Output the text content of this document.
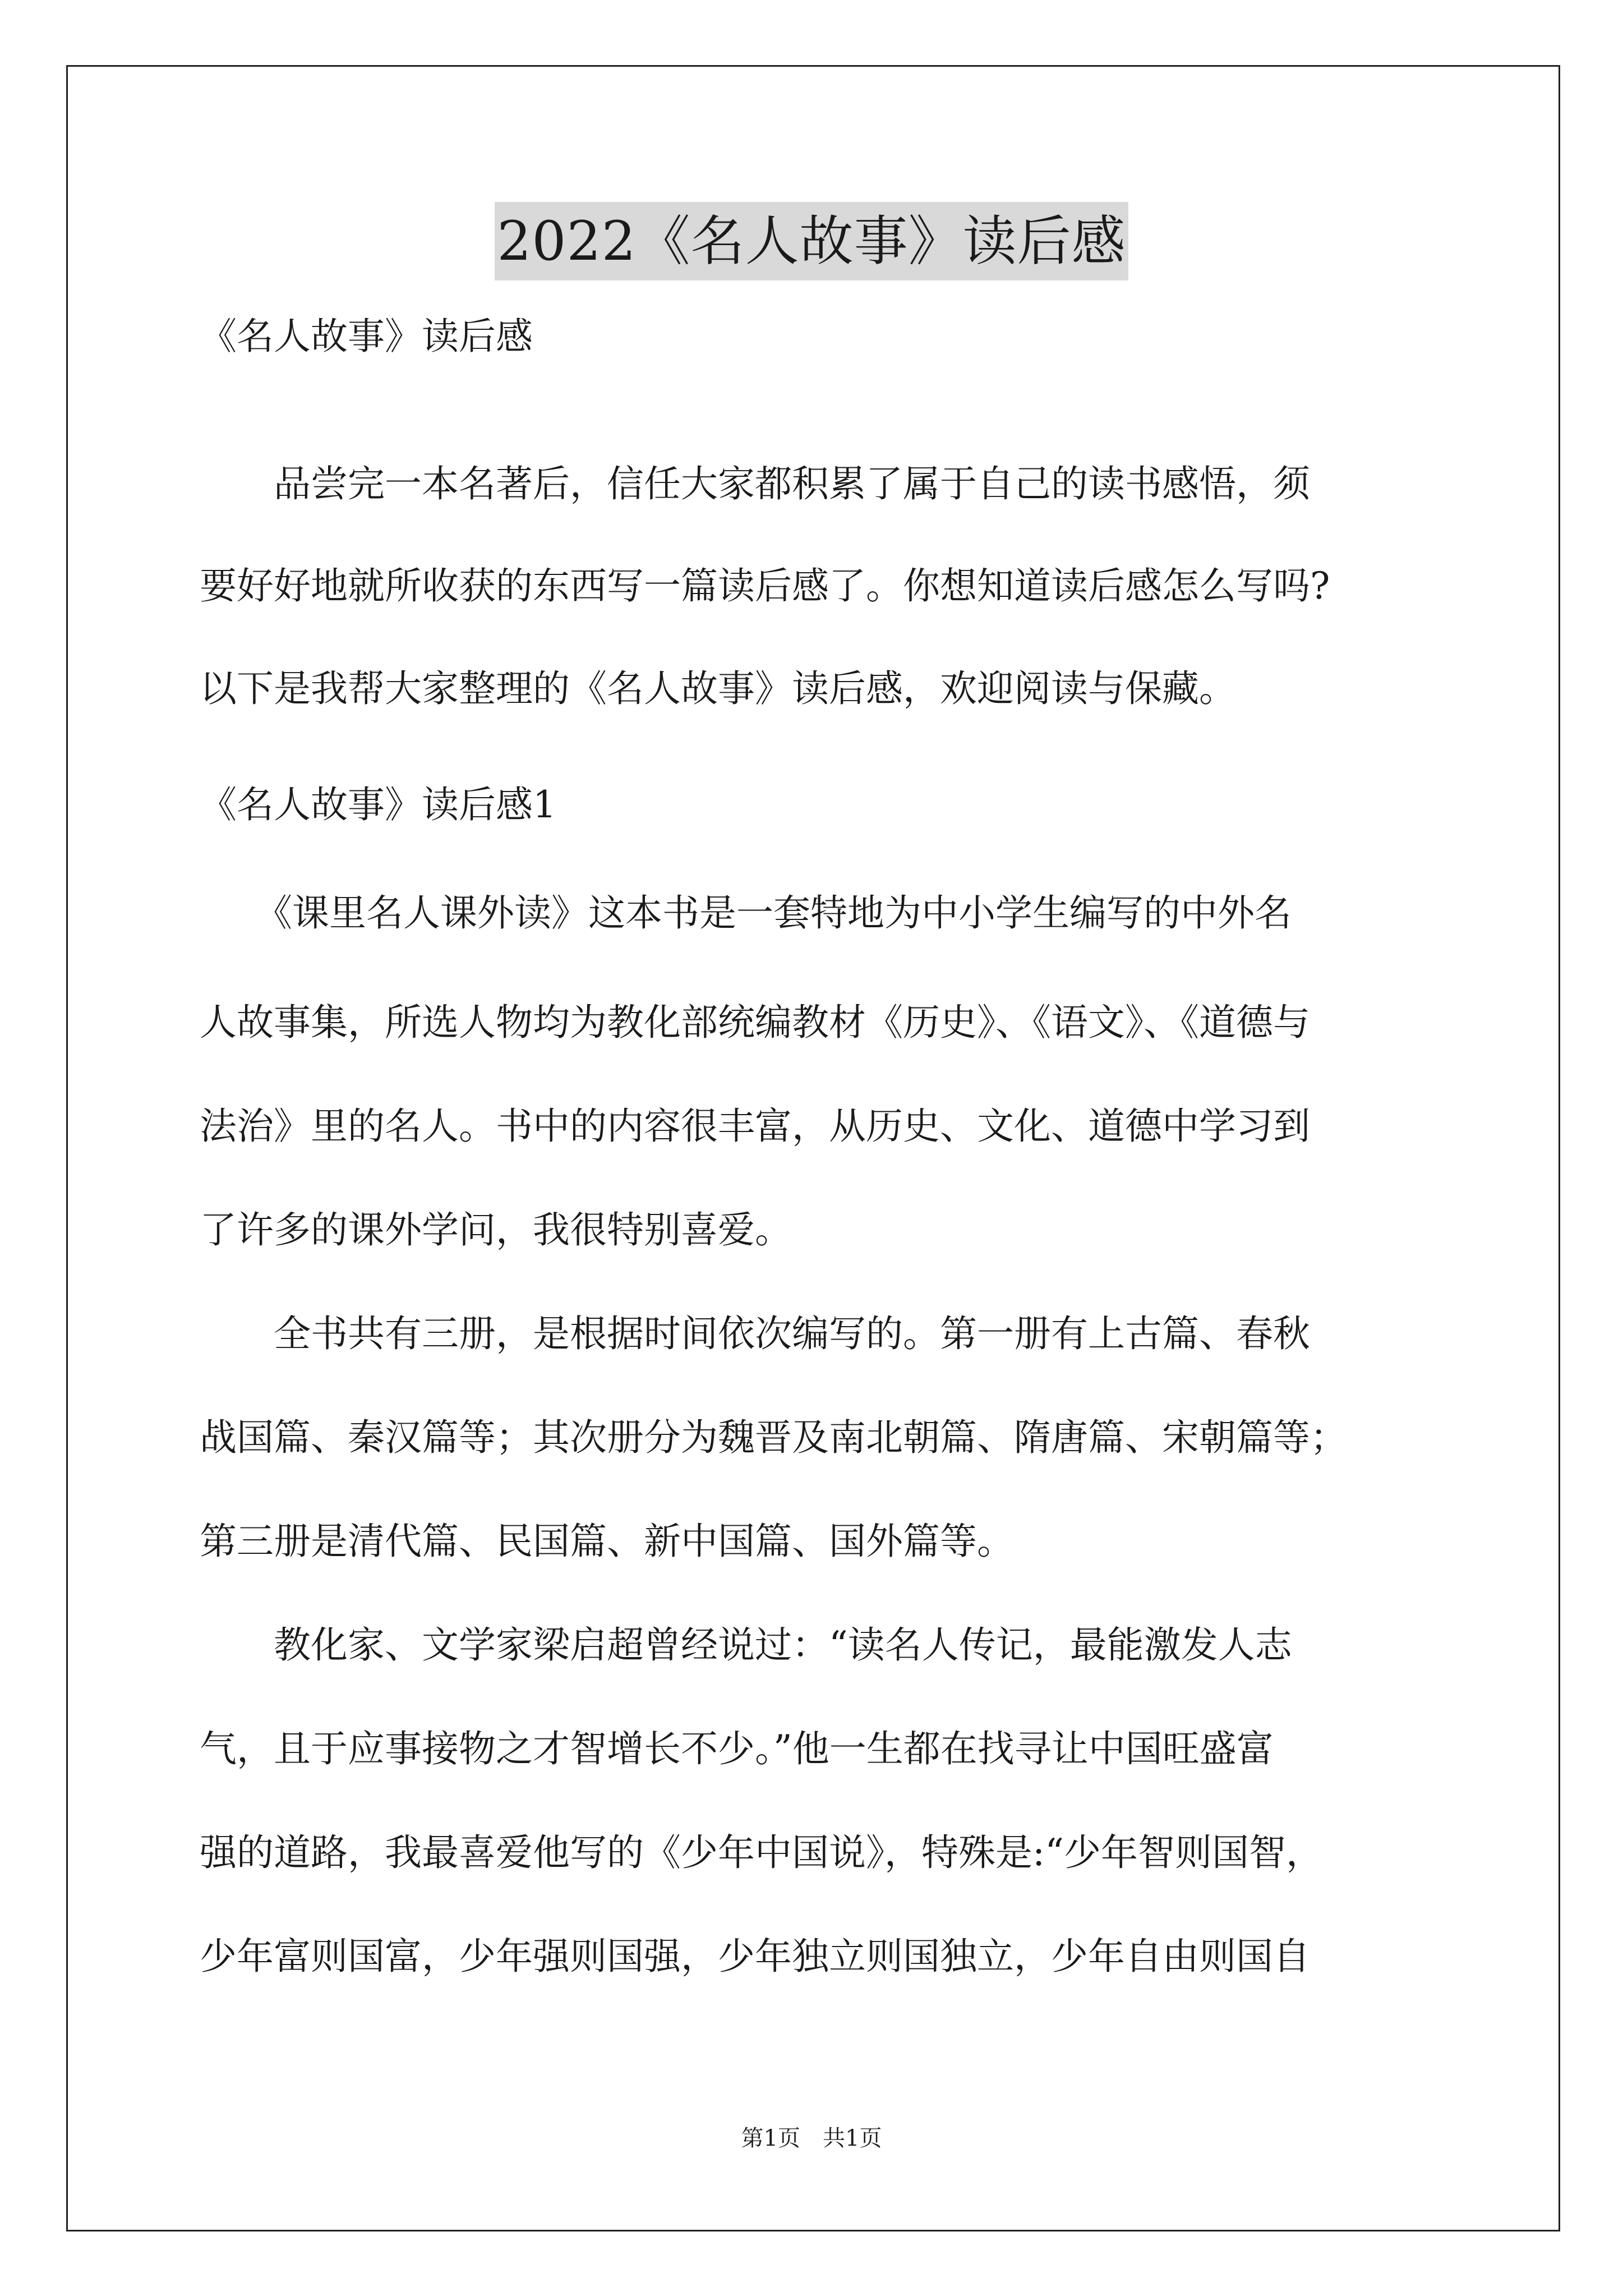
2022《名人故事》读后感
《名人故事》读后感
　　品尝完一本名著后，信任大家都积累了属于自己的读书感悟，须
要好好地就所收获的东西写一篇读后感了。你想知道读后感怎么写吗?
以下是我帮大家整理的《名人故事》读后感，欢迎阅读与保藏。
《名人故事》读后感1
　　《课里名人课外读》这本书是一套特地为中小学生编写的中外名
人故事集，所选人物均为教化部统编教材《历史》、《语文》、《道德与
法治》里的名人。书中的内容很丰富，从历史、文化、道德中学习到
了许多的课外学问，我很特别喜爱。
　　全书共有三册，是根据时间依次编写的。第一册有上古篇、春秋
战国篇、秦汉篇等；其次册分为魏晋及南北朝篇、隋唐篇、宋朝篇等；
第三册是清代篇、民国篇、新中国篇、国外篇等。
　　教化家、文学家梁启超曾经说过：“读名人传记，最能激发人志
气，且于应事接物之才智增长不少。”他一生都在找寻让中国旺盛富
强的道路，我最喜爱他写的《少年中国说》，特殊是:“少年智则国智，
少年富则国富，少年强则国强，少年独立则国独立，少年自由则国自
第1页　共1页
